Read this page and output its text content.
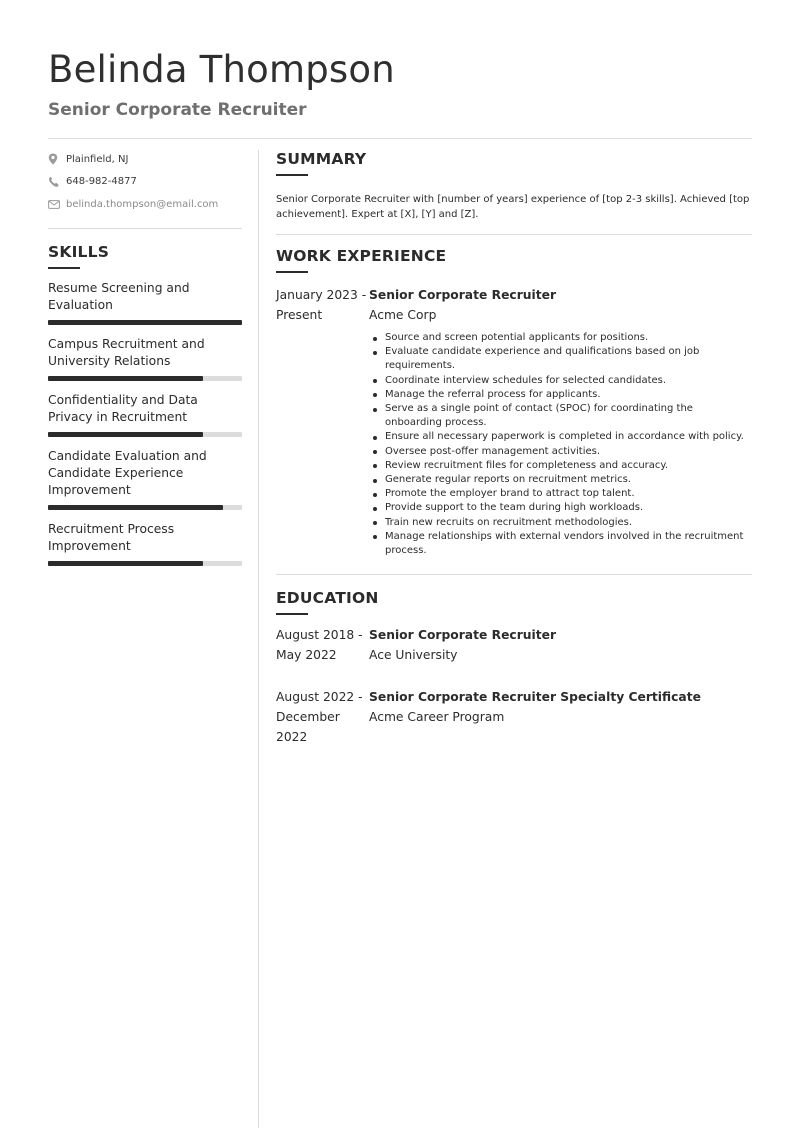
Belinda Thompson
Senior Corporate Recruiter
Plainfield, NJ
648-982-4877
belinda.thompson@email.com
SKILLS
Resume Screening and Evaluation
Campus Recruitment and University Relations
Confidentiality and Data Privacy in Recruitment
Candidate Evaluation and Candidate Experience Improvement
Recruitment Process Improvement
SUMMARY
Senior Corporate Recruiter with [number of years] experience of [top 2-3 skills]. Achieved [top achievement]. Expert at [X], [Y] and [Z].
WORK EXPERIENCE
January 2023 - Present
Senior Corporate Recruiter
Acme Corp
Source and screen potential applicants for positions.
Evaluate candidate experience and qualifications based on job requirements.
Coordinate interview schedules for selected candidates.
Manage the referral process for applicants.
Serve as a single point of contact (SPOC) for coordinating the onboarding process.
Ensure all necessary paperwork is completed in accordance with policy.
Oversee post-offer management activities.
Review recruitment files for completeness and accuracy.
Generate regular reports on recruitment metrics.
Promote the employer brand to attract top talent.
Provide support to the team during high workloads.
Train new recruits on recruitment methodologies.
Manage relationships with external vendors involved in the recruitment process.
EDUCATION
August 2018 - May 2022
Senior Corporate Recruiter
Ace University
August 2022 - December 2022
Senior Corporate Recruiter Specialty Certificate
Acme Career Program
